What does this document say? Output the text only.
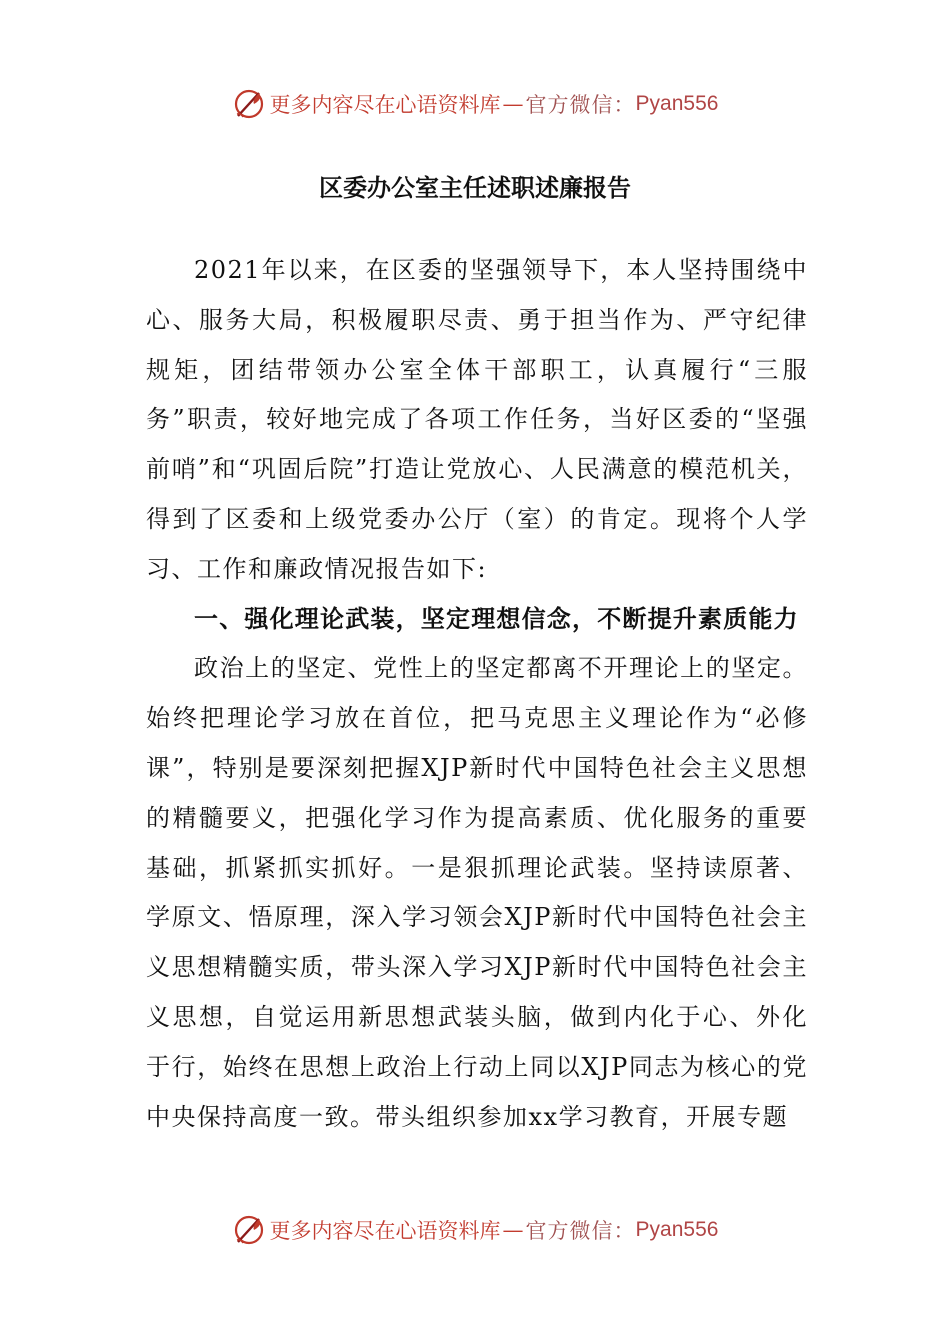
更多内容尽在心语资料库 — 官方微信： Pyan556
区委办公室主任述职述廉报告

2021年以来，在区委的坚强领导下，本人坚持围绕中心、服务大局，积极履职尽责、勇于担当作为、严守纪律规矩，团结带领办公室全体干部职工，认真履行“三服务”职责，较好地完成了各项工作任务，当好区委的“坚强前哨”和“巩固后院”打造让党放心、人民满意的模范机关，得到了区委和上级党委办公厅（室）的肯定。现将个人学习、工作和廉政情况报告如下:

一、强化理论武装，坚定理想信念，不断提升素质能力

政治上的坚定、党性上的坚定都离不开理论上的坚定。始终把理论学习放在首位，把马克思主义理论作为“必修课”，特别是要深刻把握XJP新时代中国特色社会主义思想的精髓要义，把强化学习作为提高素质、优化服务的重要基础，抓紧抓实抓好。一是狠抓理论武装。坚持读原著、学原文、悟原理，深入学习领会XJP新时代中国特色社会主义思想精髓实质，带头深入学习XJP新时代中国特色社会主义思想，自觉运用新思想武装头脑，做到内化于心、外化于行，始终在思想上政治上行动上同以XJP同志为核心的党中央保持高度一致。带头组织参加xx学习教育，开展专题

更多内容尽在心语资料库 — 官方微信： Pyan556
